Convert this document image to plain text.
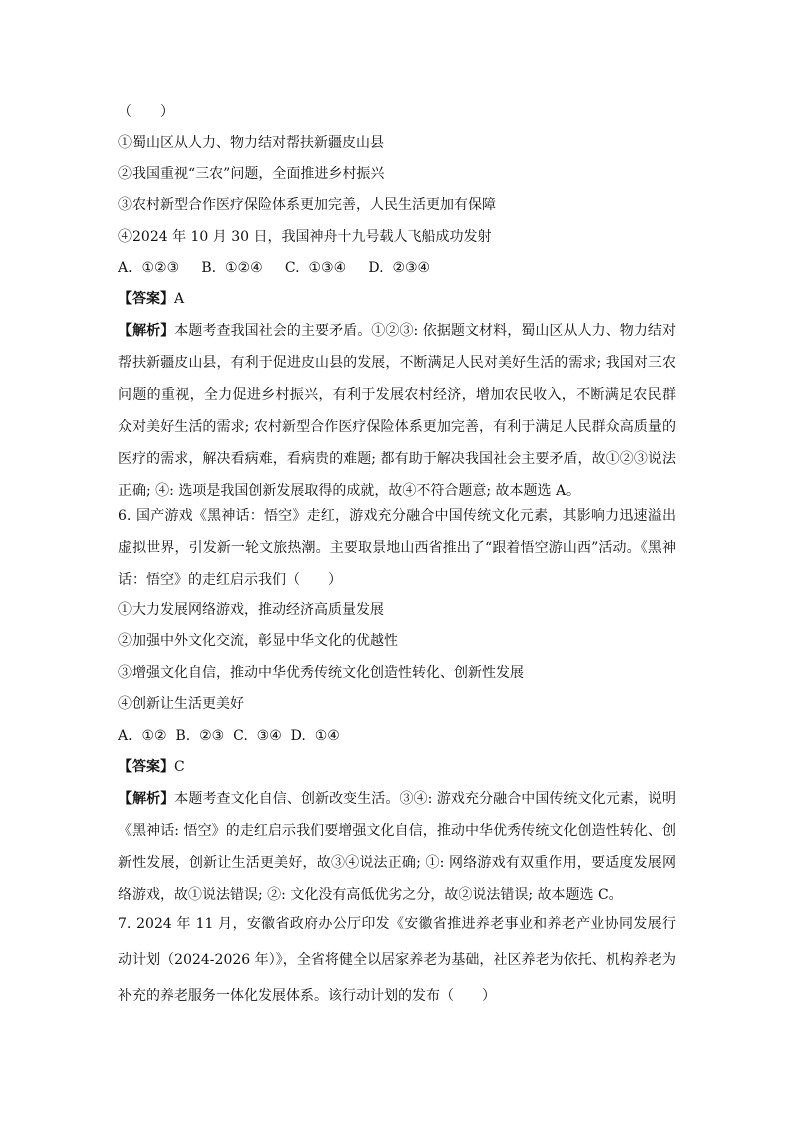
（　　）
①蜀山区从人力、物力结对帮扶新疆皮山县
②我国重视“三农”问题，全面推进乡村振兴
③农村新型合作医疗保险体系更加完善，人民生活更加有保障
④2024 年 10 月 30 日，我国神舟十九号载人飞船成功发射
A.  ①②③     B.  ①②④     C.  ①③④     D.  ②③④
【答案】A
【解析】本题考查我国社会的主要矛盾。①②③: 依据题文材料，蜀山区从人力、物力结对帮扶新疆皮山县，有利于促进皮山县的发展，不断满足人民对美好生活的需求; 我国对三农问题的重视，全力促进乡村振兴，有利于发展农村经济，增加农民收入，不断满足农民群众对美好生活的需求; 农村新型合作医疗保险体系更加完善，有利于满足人民群众高质量的医疗的需求，解决看病难，看病贵的难题; 都有助于解决我国社会主要矛盾，故①②③说法正确; ④: 选项是我国创新发展取得的成就，故④不符合题意; 故本题选 A。
6. 国产游戏《黑神话：悟空》走红，游戏充分融合中国传统文化元素，其影响力迅速溢出虚拟世界，引发新一轮文旅热潮。主要取景地山西省推出了“跟着悟空游山西”活动。《黑神话：悟空》的走红启示我们（　　）
①大力发展网络游戏，推动经济高质量发展
②加强中外文化交流，彰显中华文化的优越性
③增强文化自信，推动中华优秀传统文化创造性转化、创新性发展
④创新让生活更美好
A.  ①②  B.  ②③  C.  ③④  D.  ①④
【答案】C
【解析】本题考查文化自信、创新改变生活。③④: 游戏充分融合中国传统文化元素，说明《黑神话: 悟空》的走红启示我们要增强文化自信，推动中华优秀传统文化创造性转化、创新性发展，创新让生活更美好，故③④说法正确; ①: 网络游戏有双重作用，要适度发展网络游戏，故①说法错误; ②: 文化没有高低优劣之分，故②说法错误; 故本题选 C。
7. 2024 年 11 月，安徽省政府办公厅印发《安徽省推进养老事业和养老产业协同发展行动计划（2024-2026 年）》，全省将健全以居家养老为基础，社区养老为依托、机构养老为补充的养老服务一体化发展体系。该行动计划的发布（　　）
